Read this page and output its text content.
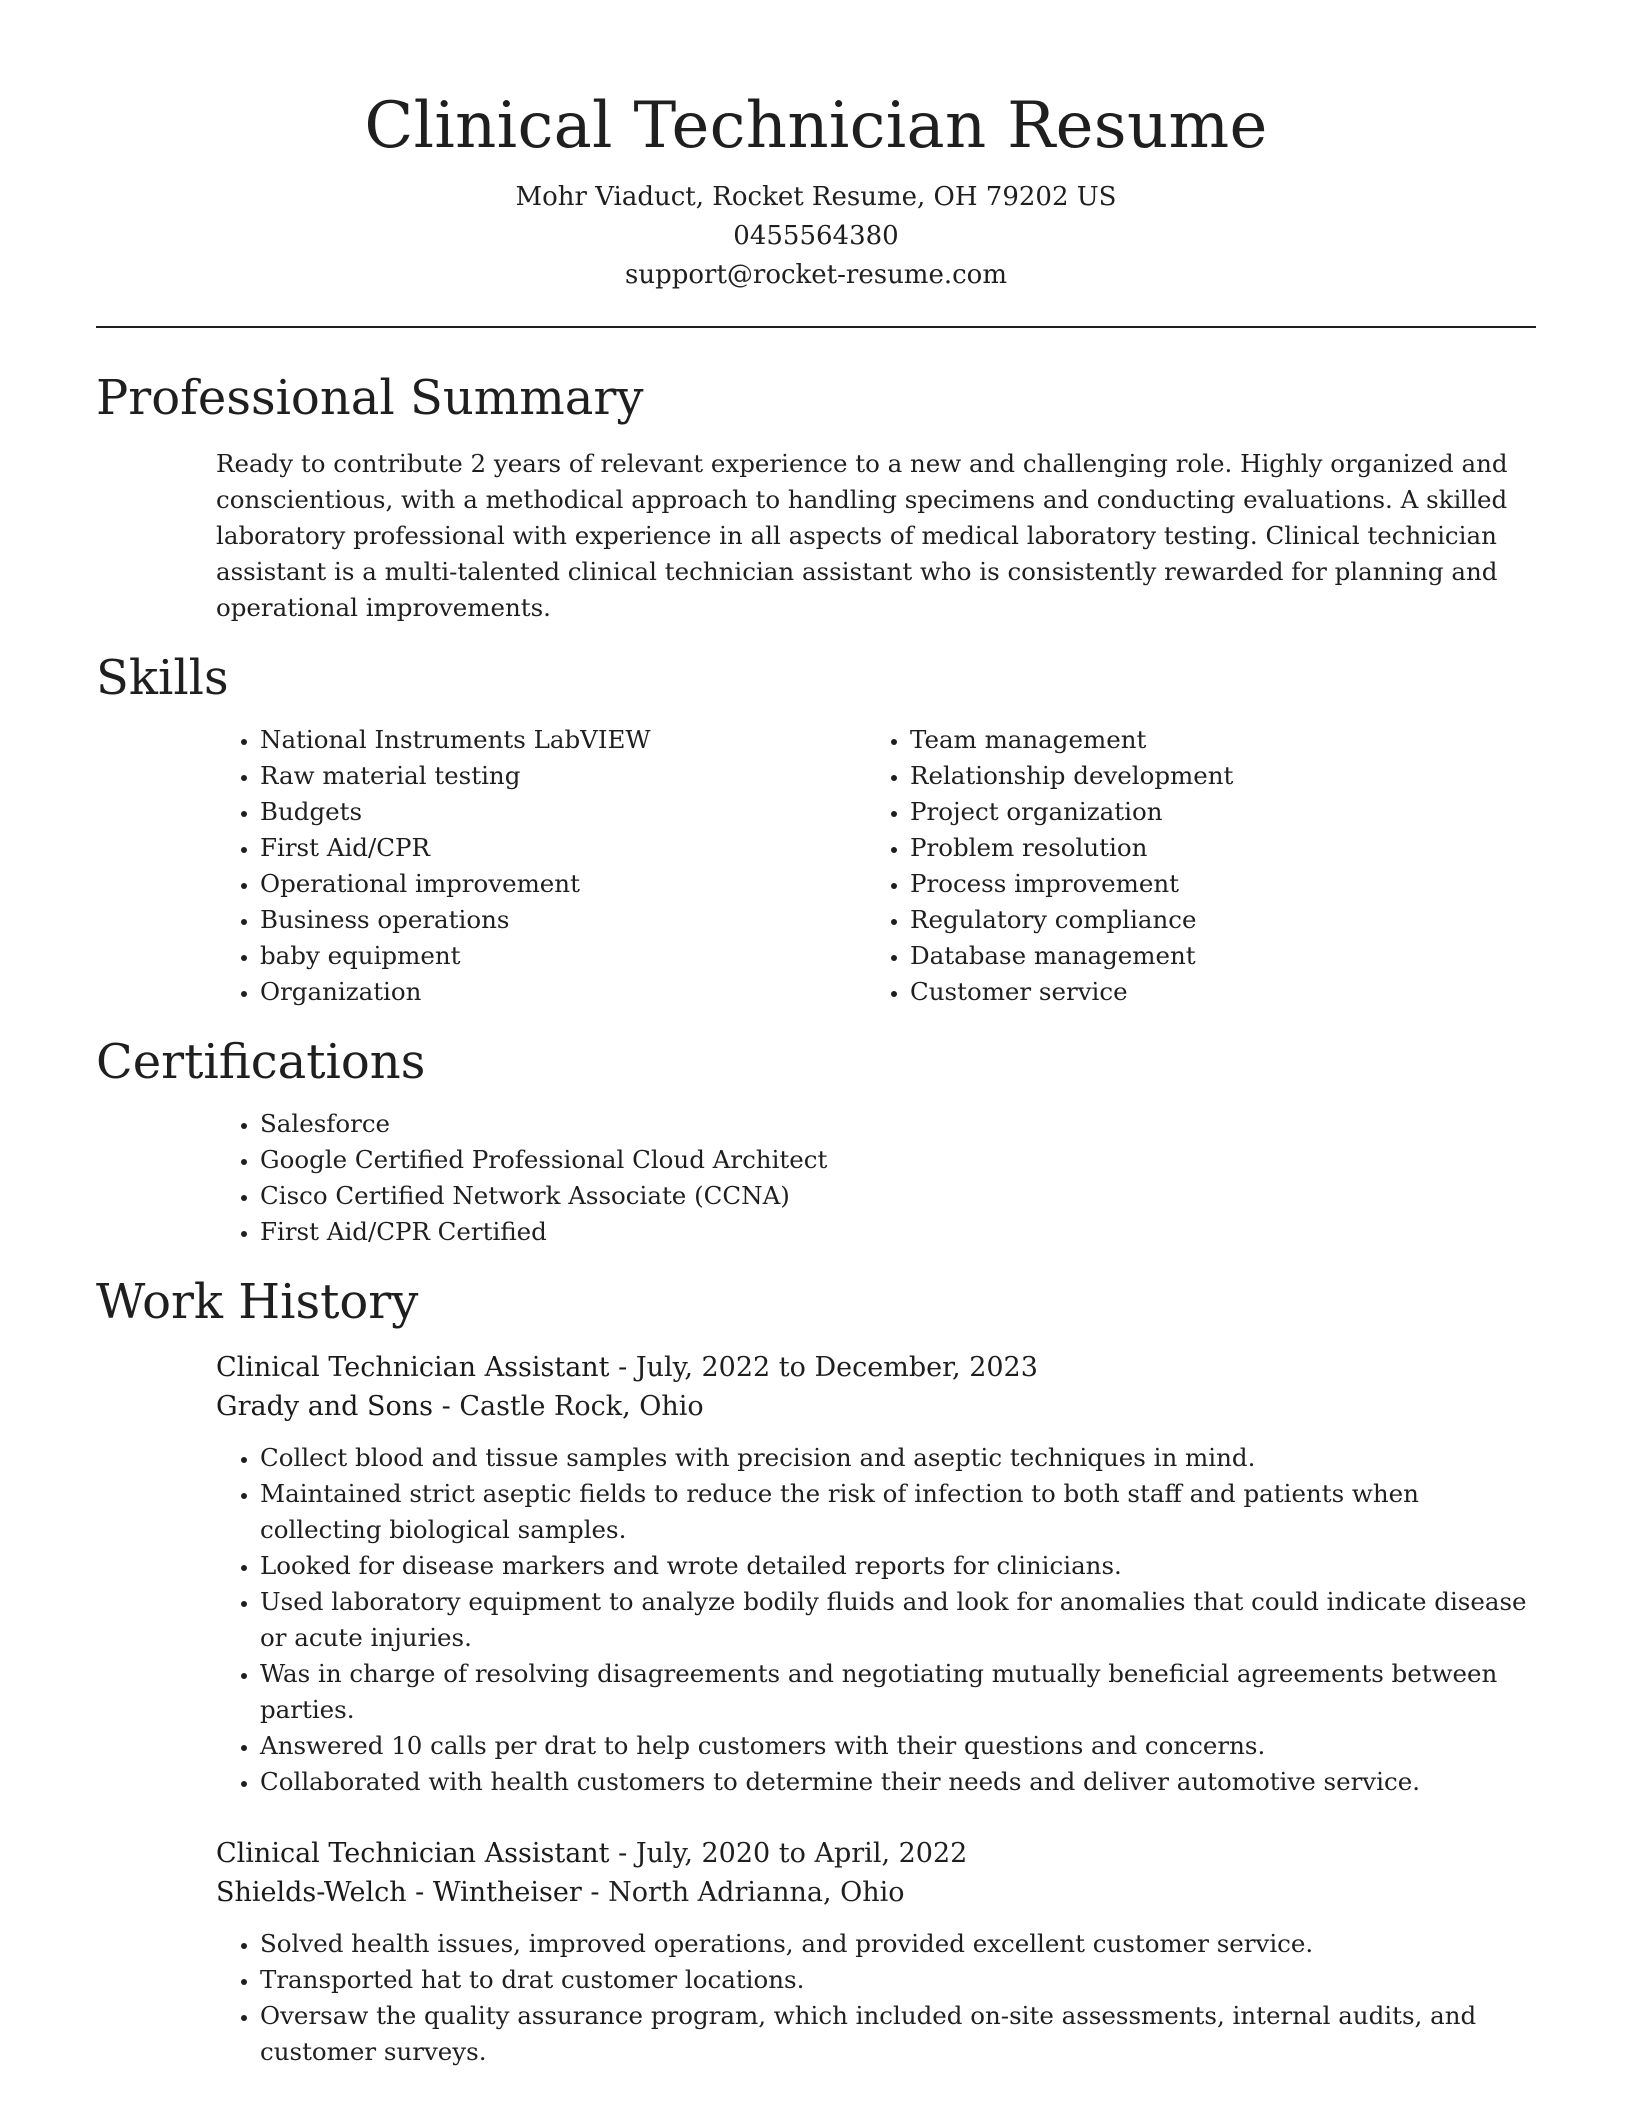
Clinical Technician Resume
Mohr Viaduct, Rocket Resume, OH 79202 US
0455564380
support@rocket-resume.com
Professional Summary

Ready to contribute 2 years of relevant experience to a new and challenging role. Highly organized and conscientious, with a methodical approach to handling specimens and conducting evaluations. A skilled laboratory professional with experience in all aspects of medical laboratory testing. Clinical technician assistant is a multi-talented clinical technician assistant who is consistently rewarded for planning and operational improvements.

Skills
• National Instruments LabVIEW
• Raw material testing
• Budgets
• First Aid/CPR
• Operational improvement
• Business operations
• baby equipment
• Organization
• Team management
• Relationship development
• Project organization
• Problem resolution
• Process improvement
• Regulatory compliance
• Database management
• Customer service
Certifications
• Salesforce
• Google Certified Professional Cloud Architect
• Cisco Certified Network Associate (CCNA)
• First Aid/CPR Certified
Work History

Clinical Technician Assistant - July, 2022 to December, 2023

Grady and Sons - Castle Rock, Ohio

• Collect blood and tissue samples with precision and aseptic techniques in mind.
• Maintained strict aseptic fields to reduce the risk of infection to both staff and patients when collecting biological samples.
• Looked for disease markers and wrote detailed reports for clinicians.
• Used laboratory equipment to analyze bodily fluids and look for anomalies that could indicate disease or acute injuries.
• Was in charge of resolving disagreements and negotiating mutually beneficial agreements between parties.
• Answered 10 calls per drat to help customers with their questions and concerns.
• Collaborated with health customers to determine their needs and deliver automotive service.

Clinical Technician Assistant - July, 2020 to April, 2022

Shields-Welch - Wintheiser - North Adrianna, Ohio

• Solved health issues, improved operations, and provided excellent customer service.
• Transported hat to drat customer locations.
• Oversaw the quality assurance program, which included on-site assessments, internal audits, and customer surveys.
